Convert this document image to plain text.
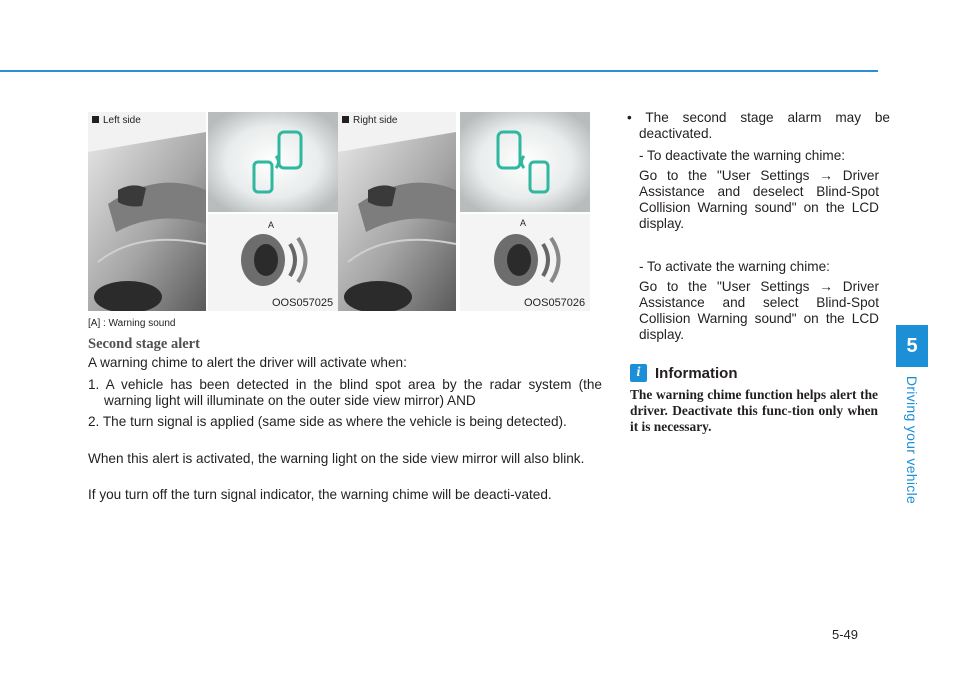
Left side
A
OOS057025
Right side
A
OOS057026
[A] : Warning sound
Second stage alert
A warning chime to alert the driver will activate when:
1. A vehicle has been detected in the blind spot area by the radar system (the warning light will illuminate on the outer side view mirror) AND
2. The turn signal is applied (same side as where the vehicle is being detected).
When this alert is activated, the warning light on the side view mirror will also blink.
If you turn off the turn signal indicator, the warning chime will be deacti-vated.
• The second stage alarm may be deactivated.
- To deactivate the warning chime:
Go to the "User Settings → Driver Assistance and deselect Blind-Spot Collision Warning sound" on the LCD display.
- To activate the warning chime:
Go to the "User Settings → Driver Assistance and select Blind-Spot Collision Warning sound" on the LCD display.
i Information
The warning chime function helps alert the driver. Deactivate this func-tion only when it is necessary.
5
Driving your vehicle
5-49
